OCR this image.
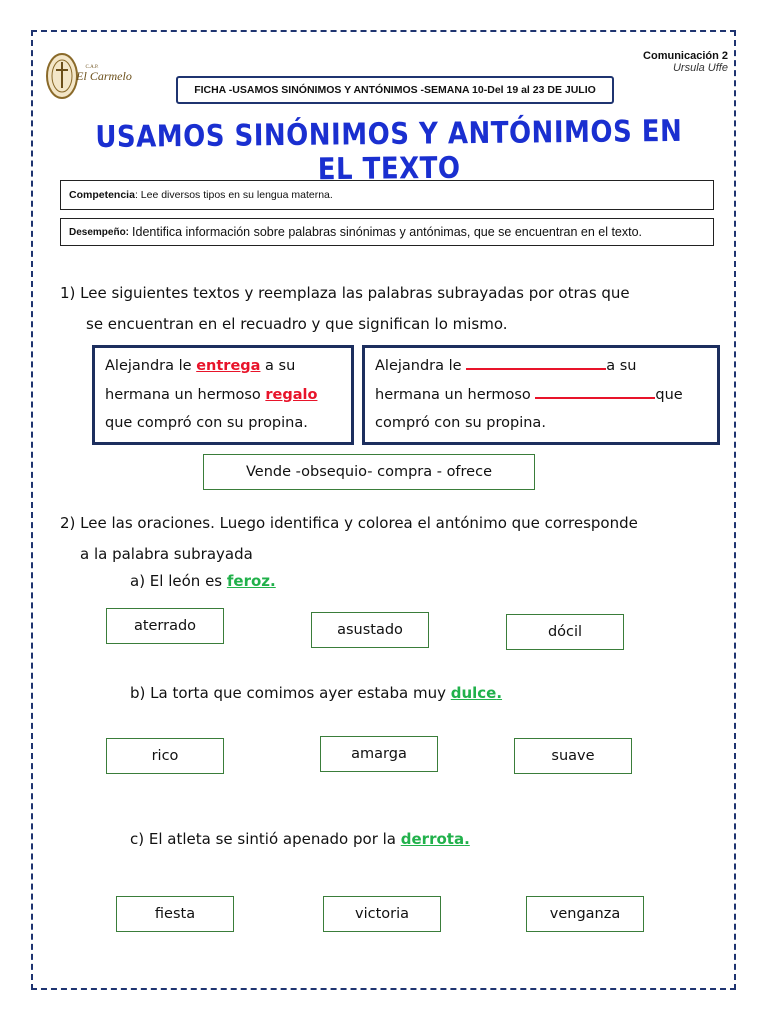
C.A.P.
El Carmelo
Comunicación 2
Ursula Uffe
FICHA -USAMOS SINÓNIMOS Y ANTÓNIMOS -SEMANA 10-Del 19 al 23 DE JULIO
USAMOS SINÓNIMOS Y ANTÓNIMOS EN EL TEXTO
Competencia : Lee diversos tipos en su lengua materna.
Desempeño: Identifica información sobre palabras sinónimas y antónimas, que se encuentran en el texto.
1) Lee siguientes textos y reemplaza las palabras subrayadas por otras que
se encuentran en el recuadro y que significan lo mismo.
Alejandra le entrega a su
hermana un hermoso regalo
que compró con su propina.
Alejandra le	a su
hermana un hermoso	que
compró con su propina.
Vende -obsequio- compra - ofrece
2) Lee las oraciones. Luego identifica y colorea el antónimo que corresponde
a la palabra subrayada
a) El león es feroz.
aterrado	asustado	dócil
b) La torta que comimos ayer estaba muy dulce.
rico	amarga	suave
c) El atleta se sintió apenado por la derrota.
fiesta	victoria	venganza
